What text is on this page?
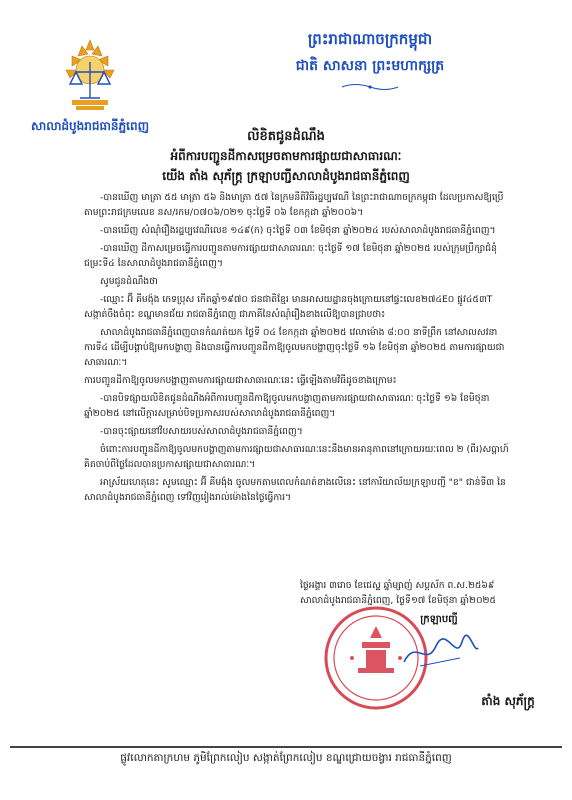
សាលាដំបូងរាជធានីភ្នំពេញ
ព្រះរាជាណាចក្រកម្ពុជា
ជាតិ សាសនា ព្រះមហាក្សត្រ
លិខិតជូនដំណឹង
អំពីការបញ្ជូនដីកាសម្រេចតាមការផ្សាយជាសាធារណៈ
យើង តាំង សុភ័ក្ត្រ ក្រឡាបញ្ជីសាលាដំបូងរាជធានីភ្នំពេញ

-បានឃើញ មាត្រា ៥៥ មាត្រា ៥៦ និងមាត្រា ៥៧ នៃក្រមនីតិវិធីរដ្ឋប្បវេណី នៃព្រះរាជាណាចក្រកម្ពុជា ដែលប្រកាសឱ្យប្រើតាមព្រះរាជក្រមលេខ នស/រកម/០៧០៦/០២១ ចុះថ្ងៃទី ០៦ ខែកក្កដា ឆ្នាំ២០០៦។

-បានឃើញ សំណុំរឿងរដ្ឋប្បវេណីលេខ ១៤៩(ក) ចុះថ្ងៃទី ០៣ ខែមិថុនា ឆ្នាំ២០២៤ របស់សាលាដំបូងរាជធានីភ្នំពេញ។

-បានឃើញ ដីកាសម្រេចធ្វើការបញ្ជូនតាមការផ្សាយជាសាធារណៈ ចុះថ្ងៃទី ១៧ ខែមិថុនា ឆ្នាំ២០២៥ របស់ក្រុមប្រឹក្សាជំនុំជម្រះទី៤ នៃសាលាដំបូងរាជធានីភ្នំពេញ។

សូមជូនដំណឹងថា

-ឈ្មោះ អ៊ី គីមង៉ុង ភេទប្រុស កើតឆ្នាំ១៩៧០ ជនជាតិខ្មែរ មានអាសយដ្ឋានចុងក្រោយនៅផ្ទះលេខ២៧៤E០ ផ្លូវ៤៥៣T សង្កាត់ចឹងចំពុះ ខណ្ឌមានជ័យ រាជធានីភ្នំពេញ ជាភាគីនៃសំណុំរឿងខាងលើឱ្យបានជ្រាបថា៖

សាលាដំបូងរាជធានីភ្នំពេញបានកំណត់យក ថ្ងៃទី ០៤ ខែកក្កដា ឆ្នាំ២០២៥ វេលាម៉ោង ៨:០០ នាទីព្រឹក នៅសាលសវនាការទី៤ ដើម្បីបង្គាប់ឱ្យមកបង្ហាញ និងបានធ្វើការបញ្ជូនដីកាឱ្យចូលមកបង្ហាញចុះថ្ងៃទី ១៦ ខែមិថុនា ឆ្នាំ២០២៥ តាមការផ្សាយជាសាធារណៈ។

ការបញ្ជូនដីកាឱ្យចូលមកបង្ហាញតាមការផ្សាយជាសាធារណៈនេះ ធ្វើឡើងតាមវិធីដូចខាងក្រោម៖

-បានបិទផ្សាយលិខិតជូនដំណឹងអំពីការបញ្ជូនដីកាឱ្យចូលមកបង្ហាញតាមការផ្សាយជាសាធារណៈ ចុះថ្ងៃទី ១៦ ខែមិថុនា ឆ្នាំ២០២៥ នៅលើក្ដារសម្រាប់បិទប្រកាសរបស់សាលាដំបូងរាជធានីភ្នំពេញ។

-បានចុះផ្សាយនៅវិបសាយរបស់សាលាដំបូងរាជធានីភ្នំពេញ។

ចំពោះការបញ្ជូនដីកាឱ្យចូលមកបង្ហាញតាមការផ្សាយជាសាធារណៈនេះនឹងមានអានុភាពនៅក្រោយរយៈពេល ២ (ពីរ)សប្ដាហ៍ គិតចាប់ពីថ្ងៃដែលបានប្រកាសផ្សាយជាសាធារណៈ។

អាស្រ័យហេតុនេះ សូមឈ្មោះ អ៊ី គីមង៉ុង ចូលមកតាមពេលកំណត់ខាងលើនេះ នៅការិយាល័យក្រឡាបញ្ជី "ខ" ជាន់ទី៣ នៃសាលាដំបូងរាជធានីភ្នំពេញ ទៅវិញរៀងរាល់ម៉ោងនៃថ្ងៃធ្វើការ។

ថ្ងៃអង្គារ ៣រោច ខែជេស្ឋ ឆ្នាំម្សាញ់ សប្តស័ក ព.ស.២៥៦៩
សាលាដំបូងរាជធានីភ្នំពេញ, ថ្ងៃទី១៧ ខែមិថុនា ឆ្នាំ២០២៥
ក្រឡាបញ្ជី
តាំង សុភ័ក្ត្រ
ផ្លូវលោកតាក្រហម ភូមិព្រែកលៀប សង្កាត់ព្រែកលៀប ខណ្ឌជ្រោយចង្វារ រាជធានីភ្នំពេញ
